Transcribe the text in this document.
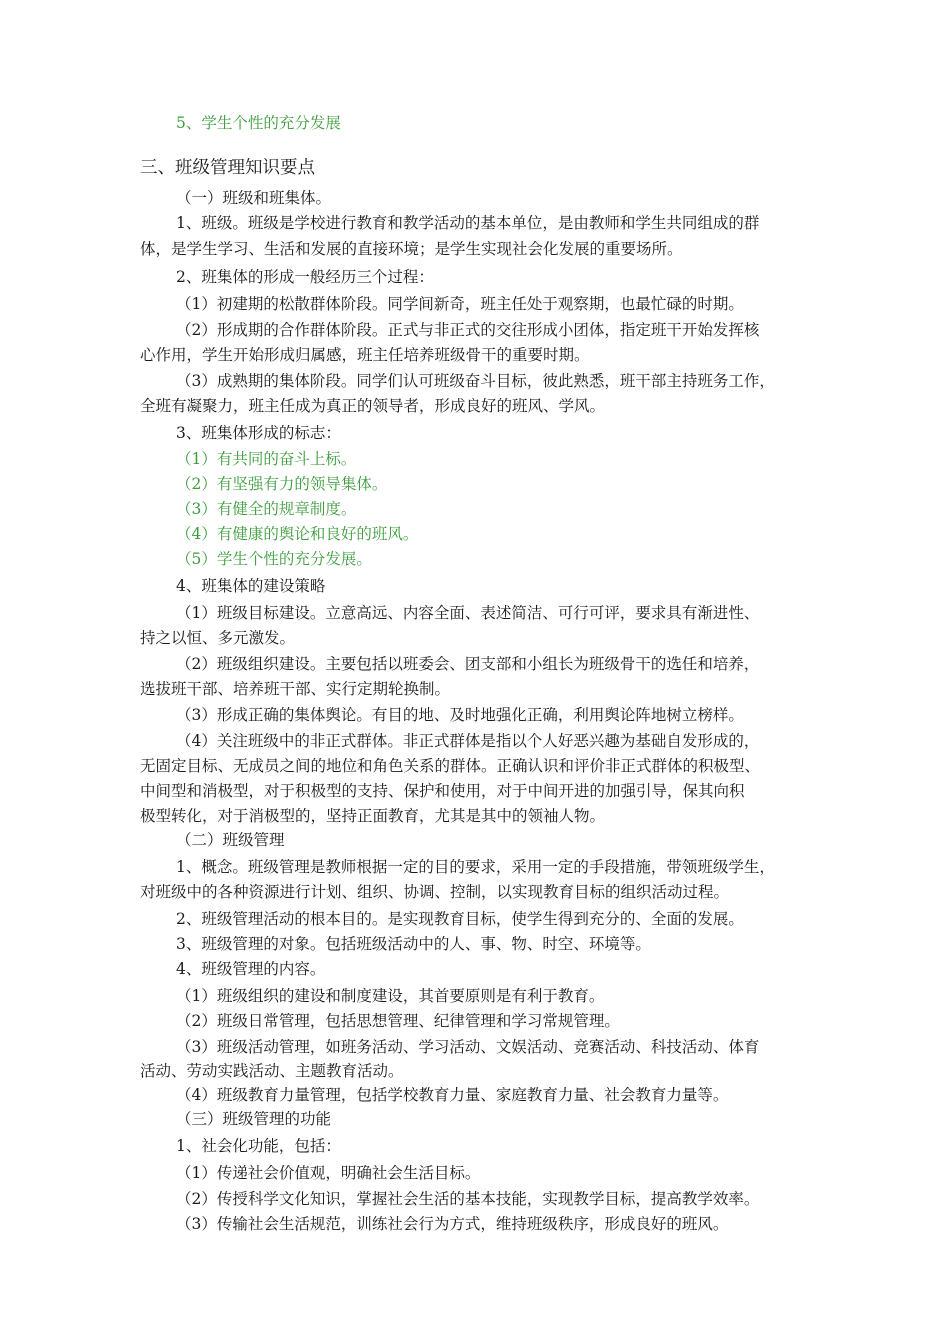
5、学生个性的充分发展
三、班级管理知识要点
（一）班级和班集体。
1、班级。班级是学校进行教育和教学活动的基本单位，是由教师和学生共同组成的群
体，是学生学习、生活和发展的直接环境；是学生实现社会化发展的重要场所。
2、班集体的形成一般经历三个过程：
（1）初建期的松散群体阶段。同学间新奇，班主任处于观察期，也最忙碌的时期。
（2）形成期的合作群体阶段。正式与非正式的交往形成小团体，指定班干开始发挥核
心作用，学生开始形成归属感，班主任培养班级骨干的重要时期。
（3）成熟期的集体阶段。同学们认可班级奋斗目标，彼此熟悉，班干部主持班务工作，
全班有凝聚力，班主任成为真正的领导者，形成良好的班风、学风。
3、班集体形成的标志：
（1）有共同的奋斗上标。
（2）有坚强有力的领导集体。
（3）有健全的规章制度。
（4）有健康的舆论和良好的班风。
（5）学生个性的充分发展。
4、班集体的建设策略
（1）班级目标建设。立意高远、内容全面、表述简洁、可行可评，要求具有渐进性、
持之以恒、多元激发。
（2）班级组织建设。主要包括以班委会、团支部和小组长为班级骨干的选任和培养，
选拔班干部、培养班干部、实行定期轮换制。
（3）形成正确的集体舆论。有目的地、及时地强化正确，利用舆论阵地树立榜样。
（4）关注班级中的非正式群体。非正式群体是指以个人好恶兴趣为基础自发形成的，
无固定目标、无成员之间的地位和角色关系的群体。正确认识和评价非正式群体的积极型、
中间型和消极型，对于积极型的支持、保护和使用，对于中间开进的加强引导，保其向积
极型转化，对于消极型的，坚持正面教育，尤其是其中的领袖人物。
（二）班级管理
1、概念。班级管理是教师根据一定的目的要求，采用一定的手段措施，带领班级学生，
对班级中的各种资源进行计划、组织、协调、控制，以实现教育目标的组织活动过程。
2、班级管理活动的根本目的。是实现教育目标，使学生得到充分的、全面的发展。
3、班级管理的对象。包括班级活动中的人、事、物、时空、环境等。
4、班级管理的内容。
（1）班级组织的建设和制度建设，其首要原则是有利于教育。
（2）班级日常管理，包括思想管理、纪律管理和学习常规管理。
（3）班级活动管理，如班务活动、学习活动、文娱活动、竞赛活动、科技活动、体育
活动、劳动实践活动、主题教育活动。
（4）班级教育力量管理，包括学校教育力量、家庭教育力量、社会教育力量等。
（三）班级管理的功能
1、社会化功能，包括：
（1）传递社会价值观，明确社会生活目标。
（2）传授科学文化知识，掌握社会生活的基本技能，实现教学目标，提高教学效率。
（3）传输社会生活规范，训练社会行为方式，维持班级秩序，形成良好的班风。
